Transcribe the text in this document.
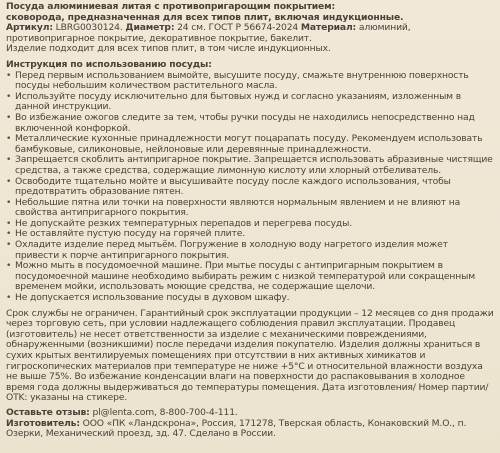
Посуда алюминиевая литая с противопригарощим покрытием:
сковорода, предназначенная для всех типов плит, включая индукционные.
Артикул: LBRG0030124. Диаметр: 24 см. ГОСТ Р 56674-2024 Материал: алюминий,
противопригарное покрытие, декоративное покрытие, бакелит.
Изделие подходит для всех типов плит, в том числе индукционных.
Инструкция по использованию посуды:
• Перед первым использованием вымойте, высушите посуду, смажьте внутреннюю поверхность посуды небольшим количеством растительного масла.
• Используйте посуду исключительно для бытовых нужд и согласно указаниям, изложенным в данной инструкции.
• Во избежание ожогов следите за тем, чтобы ручки посуды не находились непосредственно над включенной конфоркой.
• Металлические кухонные принадлежности могут поцарапать посуду. Рекомендуем использовать бамбуковые, силиконовые, нейлоновые или деревянные принадлежности.
• Запрещается скоблить антипригарное покрытие. Запрещается использовать абразивные чистящие средства, а также средства, содержащие лимонную кислоту или хлорный отбеливатель.
• Освободите тщательно мойте и высушивайте посуду после каждого использования, чтобы предотвратить образование пятен.
• Небольшие пятна или точки на поверхности являются нормальным явлением и не влияют на свойства антипригарного покрытия.
• Не допускайте резких температурных перепадов и перегрева посуды.
• Не оставляйте пустую посуду на горячей плите.
• Охладите изделие перед мытьём. Погружение в холодную воду нагретого изделия может привести к порче антипригарного покрытия.
• Можно мыть в посудомоечной машине. При мытье посуды с антипригарным покрытием в посудомоечной машине необходимо выбирать режим с низкой температурой или сокращенным временем мойки, использовать моющие средства, не содержащие щелочи.
• Не допускается использование посуды в духовом шкафу.
Срок службы не ограничен. Гарантийный срок эксплуатации продукции – 12 месяцев со дня продажи через торговую сеть, при условии надлежащего соблюдения правил эксплуатации. Продавец (изготовитель) не несет ответственности за изделие с механическими повреждениями, обнаруженными (возникшими) после передачи изделия покупателю. Изделия должны храниться в сухих крытых вентилируемых помещениях при отсутствии в них активных химикатов и гигроскопических материалов при температуре не ниже +5°С и относительной влажности воздуха не выше 75%. Во избежание конденсации влаги на поверхности до распаковывания в холодное время года должны выдерживаться до температуры помещения. Дата изготовления/ Номер партии/ OTK: указаны на стикере.
Оставьте отзыв: pl@lenta.com, 8-800-700-4-111.
Изготовитель: ООО «ПК «Ландскрона», Россия, 171278, Тверская область, Конаковский М.О., п. Озерки, Механический проезд, зд. 47. Сделано в России.
